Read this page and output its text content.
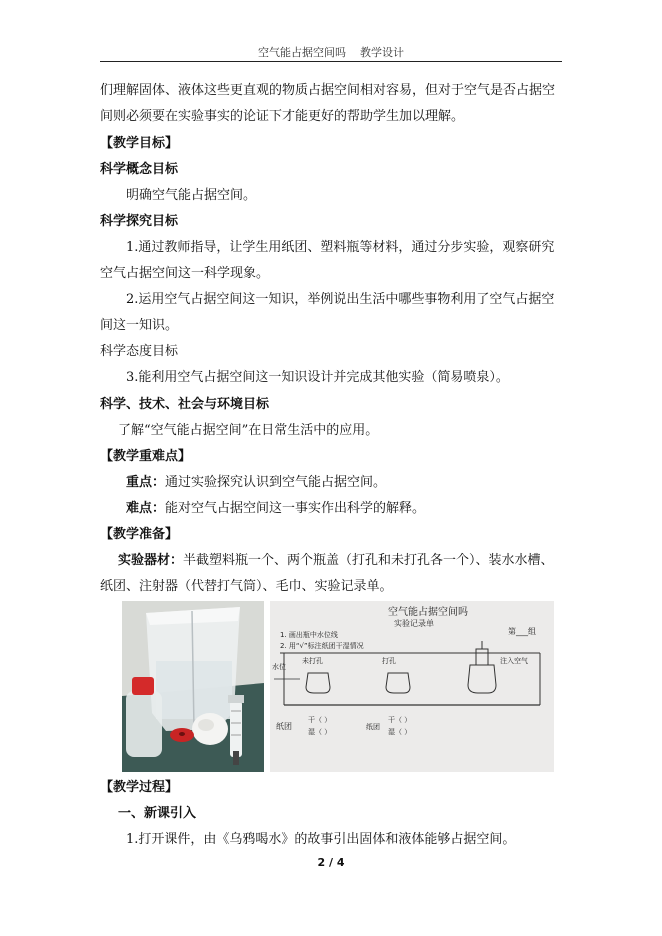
空气能占据空间吗    教学设计
们理解固体、液体这些更直观的物质占据空间相对容易，但对于空气是否占据空
间则必须要在实验事实的论证下才能更好的帮助学生加以理解。
【教学目标】
科学概念目标
明确空气能占据空间。
科学探究目标
1.通过教师指导，让学生用纸团、塑料瓶等材料，通过分步实验，观察研究
空气占据空间这一科学现象。
2.运用空气占据空间这一知识，举例说出生活中哪些事物利用了空气占据空
间这一知识。
科学态度目标
3.能利用空气占据空间这一知识设计并完成其他实验（简易喷泉）。
科学、技术、社会与环境目标
了解“空气能占据空间”在日常生活中的应用。
【教学重难点】
重点：通过实验探究认识到空气能占据空间。
难点：能对空气占据空间这一事实作出科学的解释。
【教学准备】
实验器材：半截塑料瓶一个、两个瓶盖（打孔和未打孔各一个）、装水水槽、
纸团、注射器（代替打气筒）、毛巾、实验记录单。
空气能占据空间吗
实验记录单
第___组
1. 画出瓶中水位线
2. 用“√”标注纸团干湿情况
水位
未打孔	打孔	注入空气
干（ ）
湿（ ）
纸团	纸团
干（ ）
湿（ ）
【教学过程】
一、新课引入
1.打开课件，由《乌鸦喝水》的故事引出固体和液体能够占据空间。
2 / 4
